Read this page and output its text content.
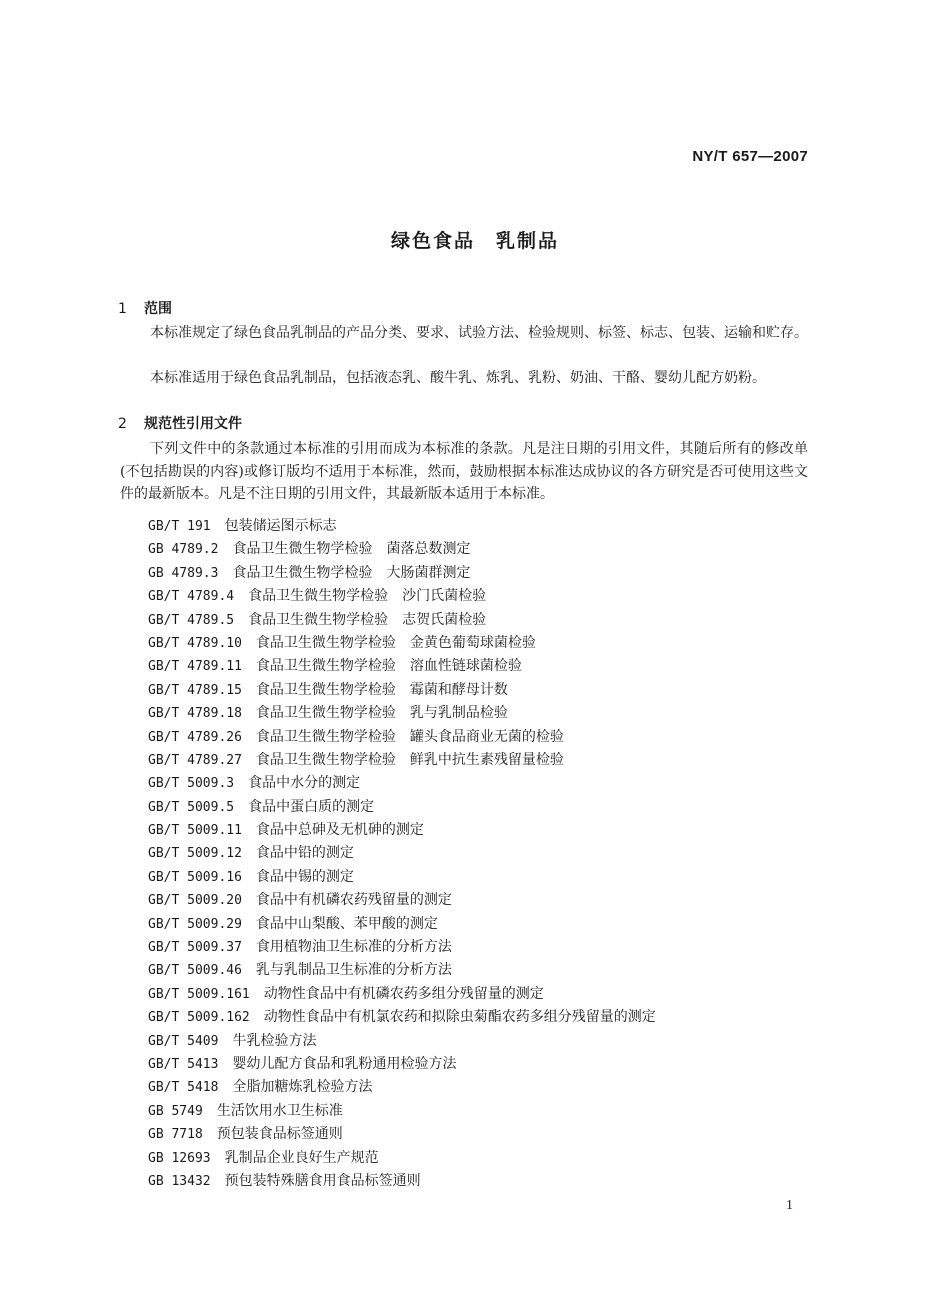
NY/T 657—2007
绿色食品　乳制品
1 范围

本标准规定了绿色食品乳制品的产品分类、要求、试验方法、检验规则、标签、标志、包装、运输和贮存。

本标准适用于绿色食品乳制品，包括液态乳、酸牛乳、炼乳、乳粉、奶油、干酪、婴幼儿配方奶粉。

2 规范性引用文件

下列文件中的条款通过本标准的引用而成为本标准的条款。凡是注日期的引用文件，其随后所有的修改单(不包括勘误的内容)或修订版均不适用于本标准，然而，鼓励根据本标准达成协议的各方研究是否可使用这些文件的最新版本。凡是不注日期的引用文件，其最新版本适用于本标准。

GB/T 191 包装储运图示标志
GB 4789.2 食品卫生微生物学检验　菌落总数测定
GB 4789.3 食品卫生微生物学检验　大肠菌群测定
GB/T 4789.4 食品卫生微生物学检验　沙门氏菌检验
GB/T 4789.5 食品卫生微生物学检验　志贺氏菌检验
GB/T 4789.10 食品卫生微生物学检验　金黄色葡萄球菌检验
GB/T 4789.11 食品卫生微生物学检验　溶血性链球菌检验
GB/T 4789.15 食品卫生微生物学检验　霉菌和酵母计数
GB/T 4789.18 食品卫生微生物学检验　乳与乳制品检验
GB/T 4789.26 食品卫生微生物学检验　罐头食品商业无菌的检验
GB/T 4789.27 食品卫生微生物学检验　鲜乳中抗生素残留量检验
GB/T 5009.3 食品中水分的测定
GB/T 5009.5 食品中蛋白质的测定
GB/T 5009.11 食品中总砷及无机砷的测定
GB/T 5009.12 食品中铅的测定
GB/T 5009.16 食品中锡的测定
GB/T 5009.20 食品中有机磷农药残留量的测定
GB/T 5009.29 食品中山梨酸、苯甲酸的测定
GB/T 5009.37 食用植物油卫生标准的分析方法
GB/T 5009.46 乳与乳制品卫生标准的分析方法
GB/T 5009.161 动物性食品中有机磷农药多组分残留量的测定
GB/T 5009.162 动物性食品中有机氯农药和拟除虫菊酯农药多组分残留量的测定
GB/T 5409 牛乳检验方法
GB/T 5413 婴幼儿配方食品和乳粉通用检验方法
GB/T 5418 全脂加糖炼乳检验方法
GB 5749 生活饮用水卫生标准
GB 7718 预包装食品标签通则
GB 12693 乳制品企业良好生产规范
GB 13432 预包装特殊膳食用食品标签通则
1
